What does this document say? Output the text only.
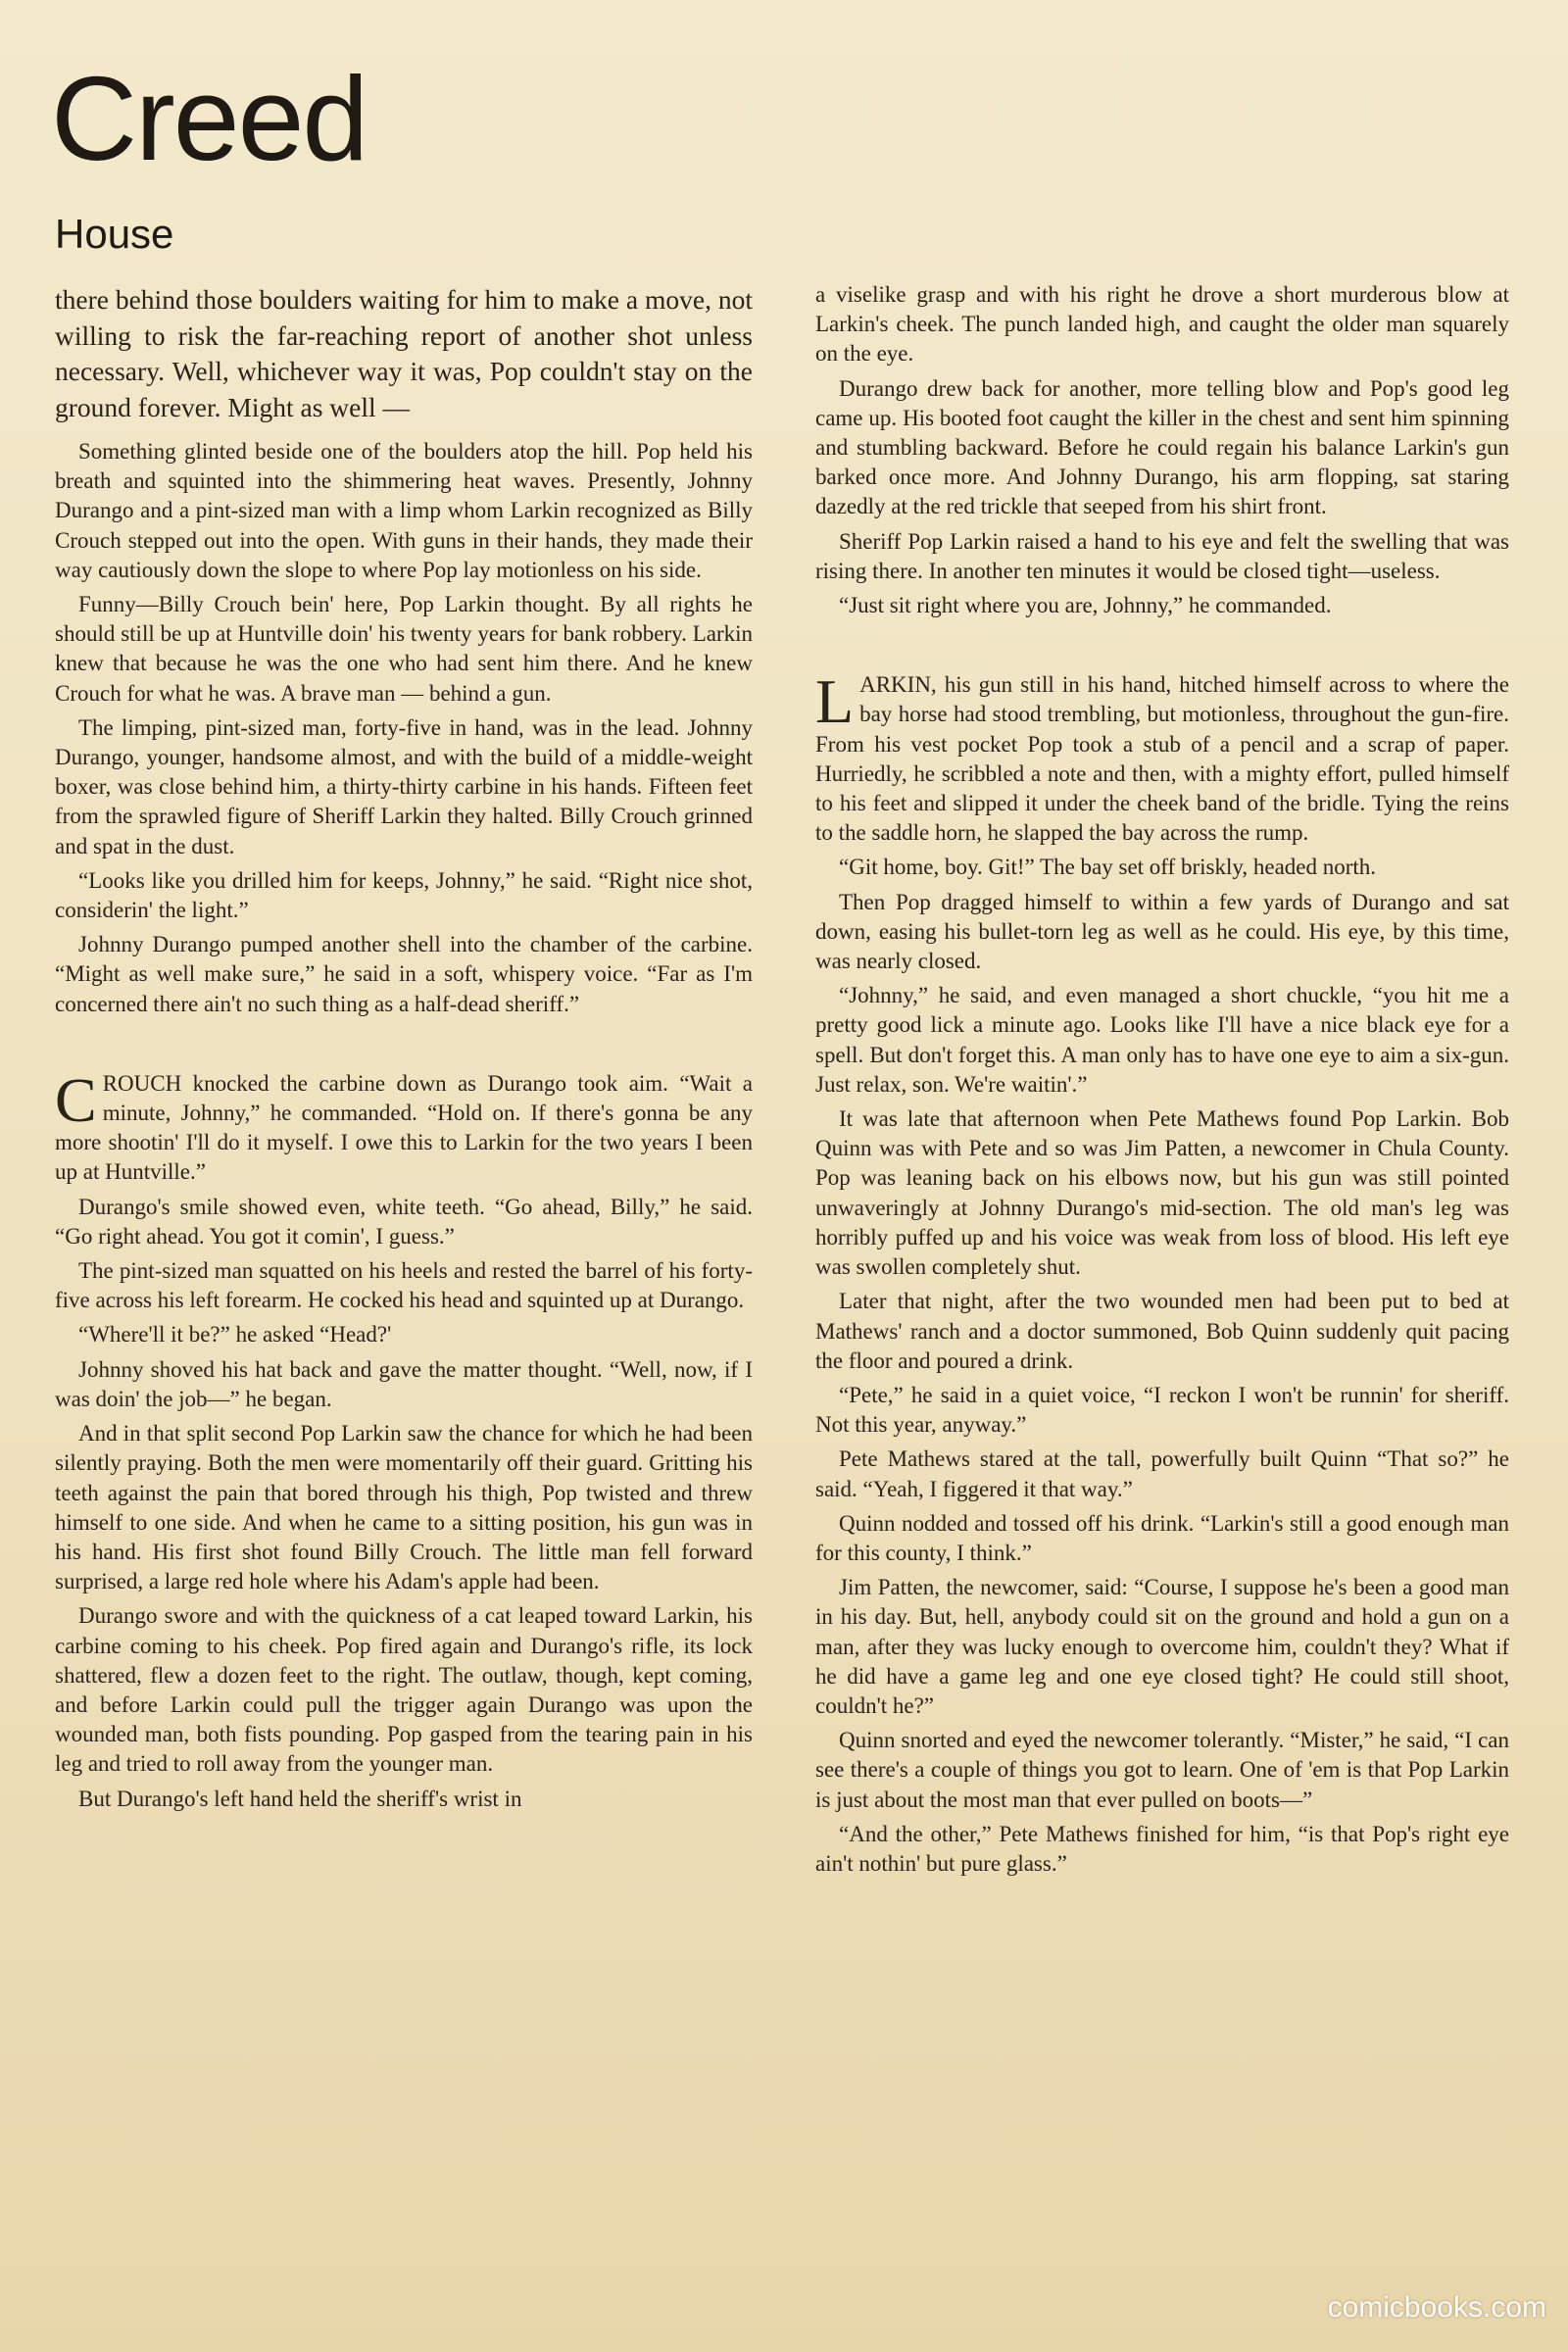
Creed
House

there behind those boulders waiting for him to make a move, not willing to risk the far-reaching report of another shot unless necessary. Well, whichever way it was, Pop couldn't stay on the ground forever. Might as well —

Something glinted beside one of the boulders atop the hill. Pop held his breath and squinted into the shimmering heat waves. Presently, Johnny Durango and a pint-sized man with a limp whom Larkin recognized as Billy Crouch stepped out into the open. With guns in their hands, they made their way cautiously down the slope to where Pop lay motionless on his side.

Funny—Billy Crouch bein' here, Pop Larkin thought. By all rights he should still be up at Huntville doin' his twenty years for bank robbery. Larkin knew that because he was the one who had sent him there. And he knew Crouch for what he was. A brave man — behind a gun.

The limping, pint-sized man, forty-five in hand, was in the lead. Johnny Durango, younger, handsome almost, and with the build of a middle-weight boxer, was close behind him, a thirty-thirty carbine in his hands. Fifteen feet from the sprawled figure of Sheriff Larkin they halted. Billy Crouch grinned and spat in the dust.

“Looks like you drilled him for keeps, Johnny,” he said. “Right nice shot, considerin' the light.”

Johnny Durango pumped another shell into the chamber of the carbine. “Might as well make sure,” he said in a soft, whispery voice. “Far as I'm concerned there ain't no such thing as a half-dead sheriff.”

CROUCH knocked the carbine down as Durango took aim. “Wait a minute, Johnny,” he commanded. “Hold on. If there's gonna be any more shootin' I'll do it myself. I owe this to Larkin for the two years I been up at Huntville.”

Durango's smile showed even, white teeth. “Go ahead, Billy,” he said. “Go right ahead. You got it comin', I guess.”

The pint-sized man squatted on his heels and rested the barrel of his forty-five across his left forearm. He cocked his head and squinted up at Durango.

“Where'll it be?” he asked “Head?'

Johnny shoved his hat back and gave the matter thought. “Well, now, if I was doin' the job—” he began.

And in that split second Pop Larkin saw the chance for which he had been silently praying. Both the men were momentarily off their guard. Gritting his teeth against the pain that bored through his thigh, Pop twisted and threw himself to one side. And when he came to a sitting position, his gun was in his hand. His first shot found Billy Crouch. The little man fell forward surprised, a large red hole where his Adam's apple had been.

Durango swore and with the quickness of a cat leaped toward Larkin, his carbine coming to his cheek. Pop fired again and Durango's rifle, its lock shattered, flew a dozen feet to the right. The outlaw, though, kept coming, and before Larkin could pull the trigger again Durango was upon the wounded man, both fists pounding. Pop gasped from the tearing pain in his leg and tried to roll away from the younger man.

But Durango's left hand held the sheriff's wrist in

a viselike grasp and with his right he drove a short murderous blow at Larkin's cheek. The punch landed high, and caught the older man squarely on the eye.

Durango drew back for another, more telling blow and Pop's good leg came up. His booted foot caught the killer in the chest and sent him spinning and stumbling backward. Before he could regain his balance Larkin's gun barked once more. And Johnny Durango, his arm flopping, sat staring dazedly at the red trickle that seeped from his shirt front.

Sheriff Pop Larkin raised a hand to his eye and felt the swelling that was rising there. In another ten minutes it would be closed tight—useless.

“Just sit right where you are, Johnny,” he commanded.

LARKIN, his gun still in his hand, hitched himself across to where the bay horse had stood trembling, but motionless, throughout the gun-fire. From his vest pocket Pop took a stub of a pencil and a scrap of paper. Hurriedly, he scribbled a note and then, with a mighty effort, pulled himself to his feet and slipped it under the cheek band of the bridle. Tying the reins to the saddle horn, he slapped the bay across the rump.

“Git home, boy. Git!” The bay set off briskly, headed north.

Then Pop dragged himself to within a few yards of Durango and sat down, easing his bullet-torn leg as well as he could. His eye, by this time, was nearly closed.

“Johnny,” he said, and even managed a short chuckle, “you hit me a pretty good lick a minute ago. Looks like I'll have a nice black eye for a spell. But don't forget this. A man only has to have one eye to aim a six-gun. Just relax, son. We're waitin'.”

It was late that afternoon when Pete Mathews found Pop Larkin. Bob Quinn was with Pete and so was Jim Patten, a newcomer in Chula County. Pop was leaning back on his elbows now, but his gun was still pointed unwaveringly at Johnny Durango's mid-section. The old man's leg was horribly puffed up and his voice was weak from loss of blood. His left eye was swollen completely shut.

Later that night, after the two wounded men had been put to bed at Mathews' ranch and a doctor summoned, Bob Quinn suddenly quit pacing the floor and poured a drink.

“Pete,” he said in a quiet voice, “I reckon I won't be runnin' for sheriff. Not this year, anyway.”

Pete Mathews stared at the tall, powerfully built Quinn “That so?” he said. “Yeah, I figgered it that way.”

Quinn nodded and tossed off his drink. “Larkin's still a good enough man for this county, I think.”

Jim Patten, the newcomer, said: “Course, I suppose he's been a good man in his day. But, hell, anybody could sit on the ground and hold a gun on a man, after they was lucky enough to overcome him, couldn't they? What if he did have a game leg and one eye closed tight? He could still shoot, couldn't he?”

Quinn snorted and eyed the newcomer tolerantly. “Mister,” he said, “I can see there's a couple of things you got to learn. One of 'em is that Pop Larkin is just about the most man that ever pulled on boots—”

“And the other,” Pete Mathews finished for him, “is that Pop's right eye ain't nothin' but pure glass.”

comicbooks.com
